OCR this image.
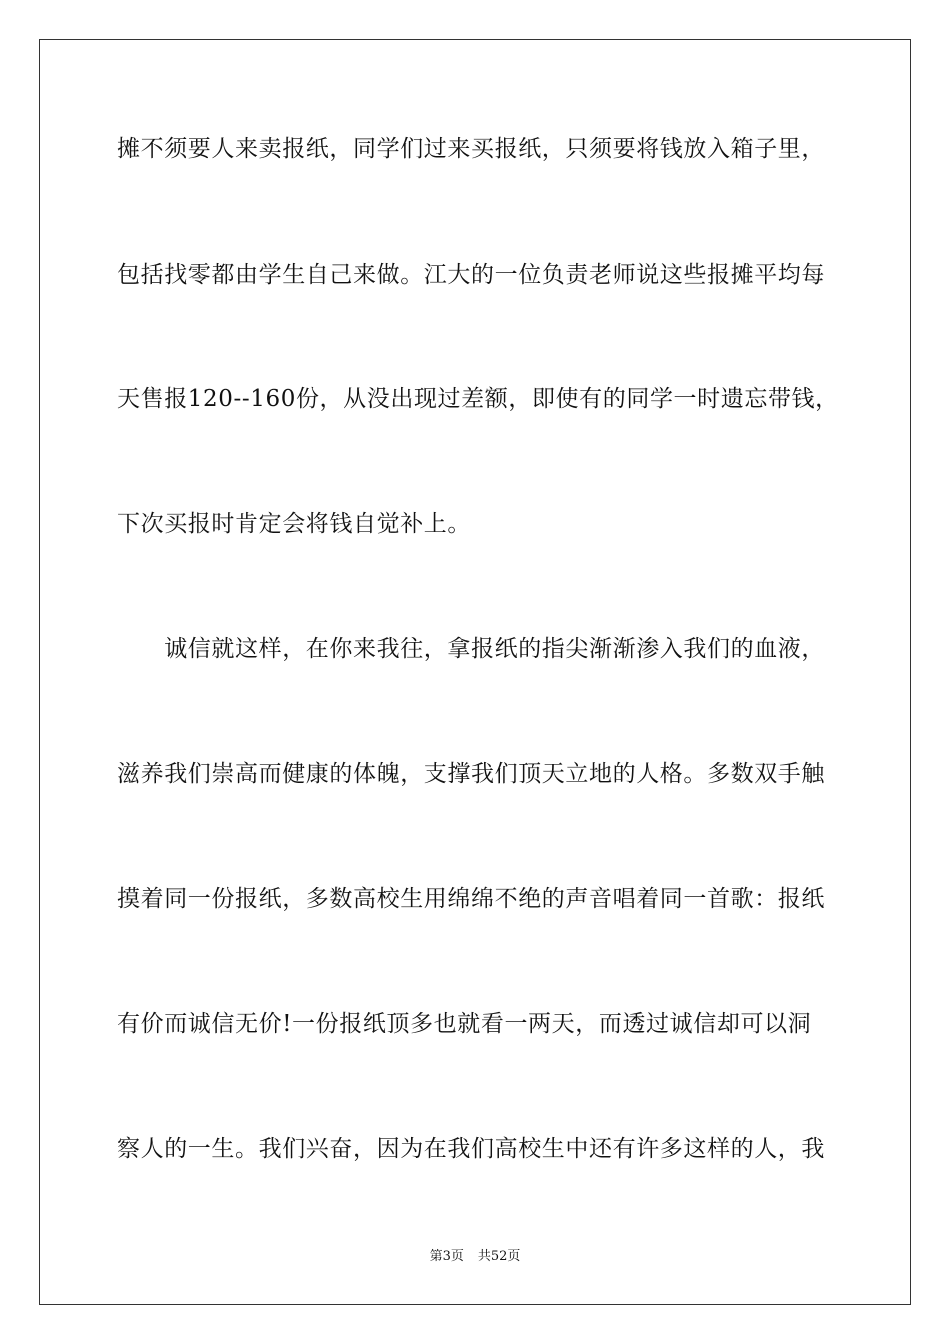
摊不须要人来卖报纸，同学们过来买报纸，只须要将钱放入箱子里，
包括找零都由学生自己来做。江大的一位负责老师说这些报摊平均每
天售报120--160份，从没出现过差额，即使有的同学一时遗忘带钱，
下次买报时肯定会将钱自觉补上。
　　诚信就这样，在你来我往，拿报纸的指尖渐渐渗入我们的血液，
滋养我们崇高而健康的体魄，支撑我们顶天立地的人格。多数双手触
摸着同一份报纸，多数高校生用绵绵不绝的声音唱着同一首歌：报纸
有价而诚信无价!一份报纸顶多也就看一两天，而透过诚信却可以洞
察人的一生。我们兴奋，因为在我们高校生中还有许多这样的人，我
第3页 共52页
